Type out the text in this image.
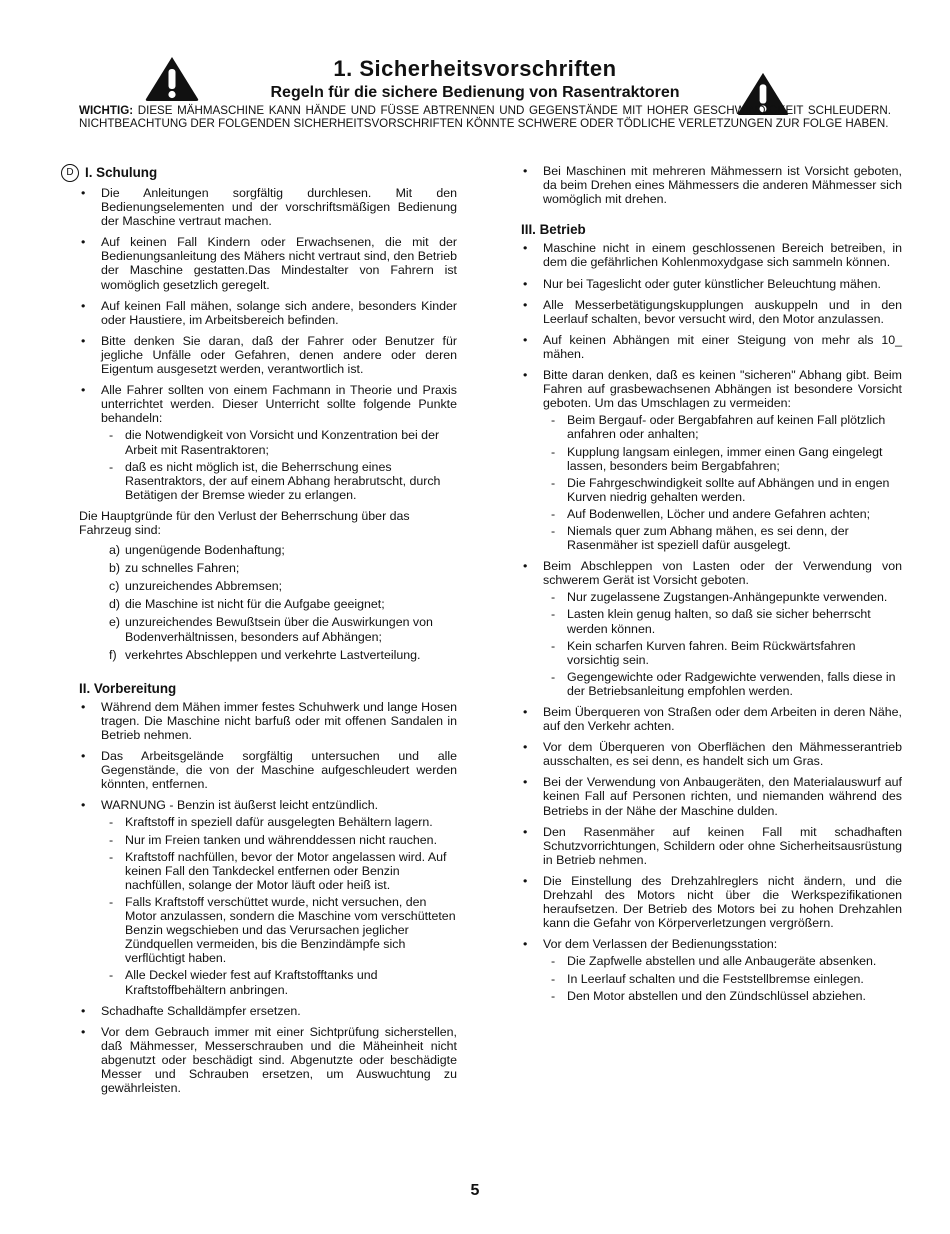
1. Sicherheitsvorschriften
Regeln für die sichere Bedienung von Rasentraktoren
WICHTIG: DIESE MÄHMASCHINE KANN HÄNDE UND FÜSSE ABTRENNEN UND GEGENSTÄNDE MIT HOHER GESCHWINDIGKEIT SCHLEUDERN. NICHTBEACHTUNG DER FOLGENDEN SICHERHEITSVORSCHRIFTEN KÖNNTE SCHWERE ODER TÖDLICHE VERLETZUNGEN ZUR FOLGE HABEN.
D I. Schulung
• Die Anleitungen sorgfältig durchlesen. Mit den Bedienungselementen und der vorschriftsmäßigen Bedienung der Maschine vertraut machen.
• Auf keinen Fall Kindern oder Erwachsenen, die mit der Bedienungsanleitung des Mähers nicht vertraut sind, den Betrieb der Maschine gestatten.Das Mindestalter von Fahrern ist womöglich gesetzlich geregelt.
• Auf keinen Fall mähen, solange sich andere, besonders Kinder oder Haustiere, im Arbeitsbereich befinden.
• Bitte denken Sie daran, daß der Fahrer oder Benutzer für jegliche Unfälle oder Gefahren, denen andere oder deren Eigentum ausgesetzt werden, verantwortlich ist.
• Alle Fahrer sollten von einem Fachmann in Theorie und Praxis unterrichtet werden. Dieser Unterricht sollte folgende Punkte behandeln:
- die Notwendigkeit von Vorsicht und Konzentration bei der Arbeit mit Rasentraktoren;
- daß es nicht möglich ist, die Beherrschung eines Rasentraktors, der auf einem Abhang herabrutscht, durch Betätigen der Bremse wieder zu erlangen.
Die Hauptgründe für den Verlust der Beherrschung über das Fahrzeug sind:
a) ungenügende Bodenhaftung;
b) zu schnelles Fahren;
c) unzureichendes Abbremsen;
d) die Maschine ist nicht für die Aufgabe geeignet;
e) unzureichendes Bewußtsein über die Auswirkungen von Bodenverhältnissen, besonders auf Abhängen;
f) verkehrtes Abschleppen und verkehrte Lastverteilung.
II. Vorbereitung
• Während dem Mähen immer festes Schuhwerk und lange Hosen tragen. Die Maschine nicht barfuß oder mit offenen Sandalen in Betrieb nehmen.
• Das Arbeitsgelände sorgfältig untersuchen und alle Gegenstände, die von der Maschine aufgeschleudert werden könnten, entfernen.
• WARNUNG - Benzin ist äußerst leicht entzündlich.
- Kraftstoff in speziell dafür ausgelegten Behältern lagern.
- Nur im Freien tanken und währenddessen nicht rauchen.
- Kraftstoff nachfüllen, bevor der Motor angelassen wird. Auf keinen Fall den Tankdeckel entfernen oder Benzin nachfüllen, solange der Motor läuft oder heiß ist.
- Falls Kraftstoff verschüttet wurde, nicht versuchen, den Motor anzulassen, sondern die Maschine vom verschütteten Benzin wegschieben und das Verursachen jeglicher Zündquellen vermeiden, bis die Benzindämpfe sich verflüchtigt haben.
- Alle Deckel wieder fest auf Kraftstofftanks und Kraftstoffbehältern anbringen.
• Schadhafte Schalldämpfer ersetzen.
• Vor dem Gebrauch immer mit einer Sichtprüfung sicherstellen, daß Mähmesser, Messerschrauben und die Mäheinheit nicht abgenutzt oder beschädigt sind. Abgenutzte oder beschädigte Messer und Schrauben ersetzen, um Auswuchtung zu gewährleisten.
• Bei Maschinen mit mehreren Mähmessern ist Vorsicht geboten, da beim Drehen eines Mähmessers die anderen Mähmesser sich womöglich mit drehen.
III. Betrieb
• Maschine nicht in einem geschlossenen Bereich betreiben, in dem die gefährlichen Kohlenmoxydgase sich sammeln können.
• Nur bei Tageslicht oder guter künstlicher Beleuchtung mähen.
• Alle Messerbetätigungskupplungen auskuppeln und in den Leerlauf schalten, bevor versucht wird, den Motor anzulassen.
• Auf keinen Abhängen mit einer Steigung von mehr als 10_ mähen.
• Bitte daran denken, daß es keinen "sicheren" Abhang gibt. Beim Fahren auf grasbewachsenen Abhängen ist besondere Vorsicht geboten. Um das Umschlagen zu vermeiden:
- Beim Bergauf- oder Bergabfahren auf keinen Fall plötzlich anfahren oder anhalten;
- Kupplung langsam einlegen, immer einen Gang eingelegt lassen, besonders beim Bergabfahren;
- Die Fahrgeschwindigkeit sollte auf Abhängen und in engen Kurven niedrig gehalten werden.
- Auf Bodenwellen, Löcher und andere Gefahren achten;
- Niemals quer zum Abhang mähen, es sei denn, der Rasenmäher ist speziell dafür ausgelegt.
• Beim Abschleppen von Lasten oder der Verwendung von schwerem Gerät ist Vorsicht geboten.
- Nur zugelassene Zugstangen-Anhängepunkte verwenden.
- Lasten klein genug halten, so daß sie sicher beherrscht werden können.
- Kein scharfen Kurven fahren. Beim Rückwärtsfahren vorsichtig sein.
- Gegengewichte oder Radgewichte verwenden, falls diese in der Betriebsanleitung empfohlen werden.
• Beim Überqueren von Straßen oder dem Arbeiten in deren Nähe, auf den Verkehr achten.
• Vor dem Überqueren von Oberflächen den Mähmesserantrieb ausschalten, es sei denn, es handelt sich um Gras.
• Bei der Verwendung von Anbaugeräten, den Materialauswurf auf keinen Fall auf Personen richten, und niemanden während des Betriebs in der Nähe der Maschine dulden.
• Den Rasenmäher auf keinen Fall mit schadhaften Schutzvorrichtungen, Schildern oder ohne Sicherheitsausrüstung in Betrieb nehmen.
• Die Einstellung des Drehzahlreglers nicht ändern, und die Drehzahl des Motors nicht über die Werkspezifikationen heraufsetzen. Der Betrieb des Motors bei zu hohen Drehzahlen kann die Gefahr von Körperverletzungen vergrößern.
• Vor dem Verlassen der Bedienungsstation:
- Die Zapfwelle abstellen und alle Anbaugeräte absenken.
- In Leerlauf schalten und die Feststellbremse einlegen.
- Den Motor abstellen und den Zündschlüssel abziehen.
5
